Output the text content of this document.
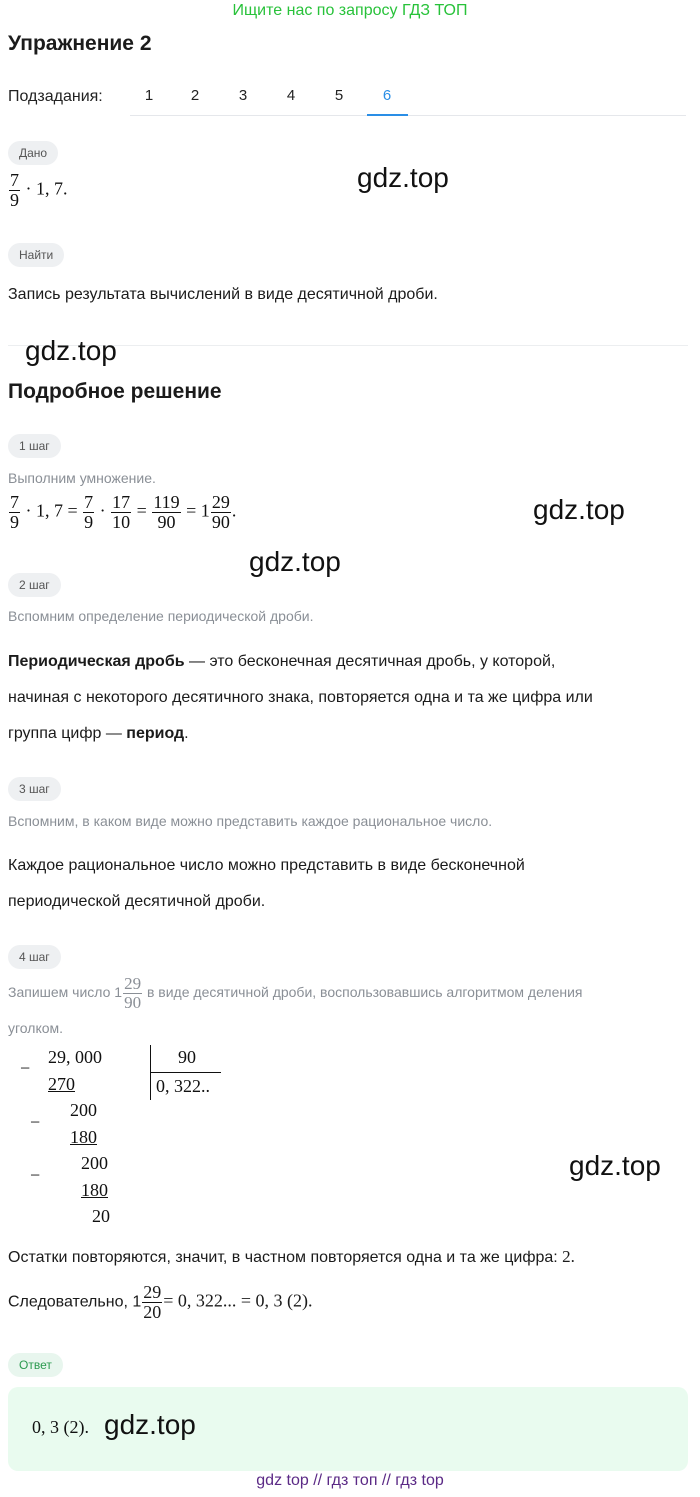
Ищите нас по запросу ГДЗ ТОП
Упражнение 2
Подзадания:	1	2	3	4	5	6
Дано
$\frac{7}{9} \cdot 1$, 7.	gdz.top
Найти
Запись результата вычислений в виде десятичной дроби.
gdz.top
Подробное решение
1 шаг
Выполним умножение.
$\frac{7}{9} \cdot 1$, $7 = \frac{7}{9} \cdot \frac{17}{10} = \frac{119}{90} = 1 \frac{29}{90}$ .	gdz.top
gdz.top
2 шаг
Вспомним определение периодической дроби.
Периодическая дробь — это бесконечная десятичная дробь, у которой,
начиная с некоторого десятичного знака, повторяется одна и та же цифра или
группа цифр — период.
3 шаг
Вспомним, в каком виде можно представить каждое рациональное число.
Каждое рациональное число можно представить в виде бесконечной
периодической десятичной дроби.
4 шаг
Запишем число $1 \frac{29}{90}$ в виде десятичной дроби, воспользовавшись алгоритмом деления
уголком.
−
29, 000
270
90
0, 322..
−
200
180
−
200
180
20
gdz.top
Остатки повторяются, значит, в частном повторяется одна и та же цифра: 2.
Следовательно, $1 \frac{29}{20} = 0$, 322... = 0, 3 (2).
Ответ
0, 3 (2). gdz.top
gdz top // гдз топ // гдз top
